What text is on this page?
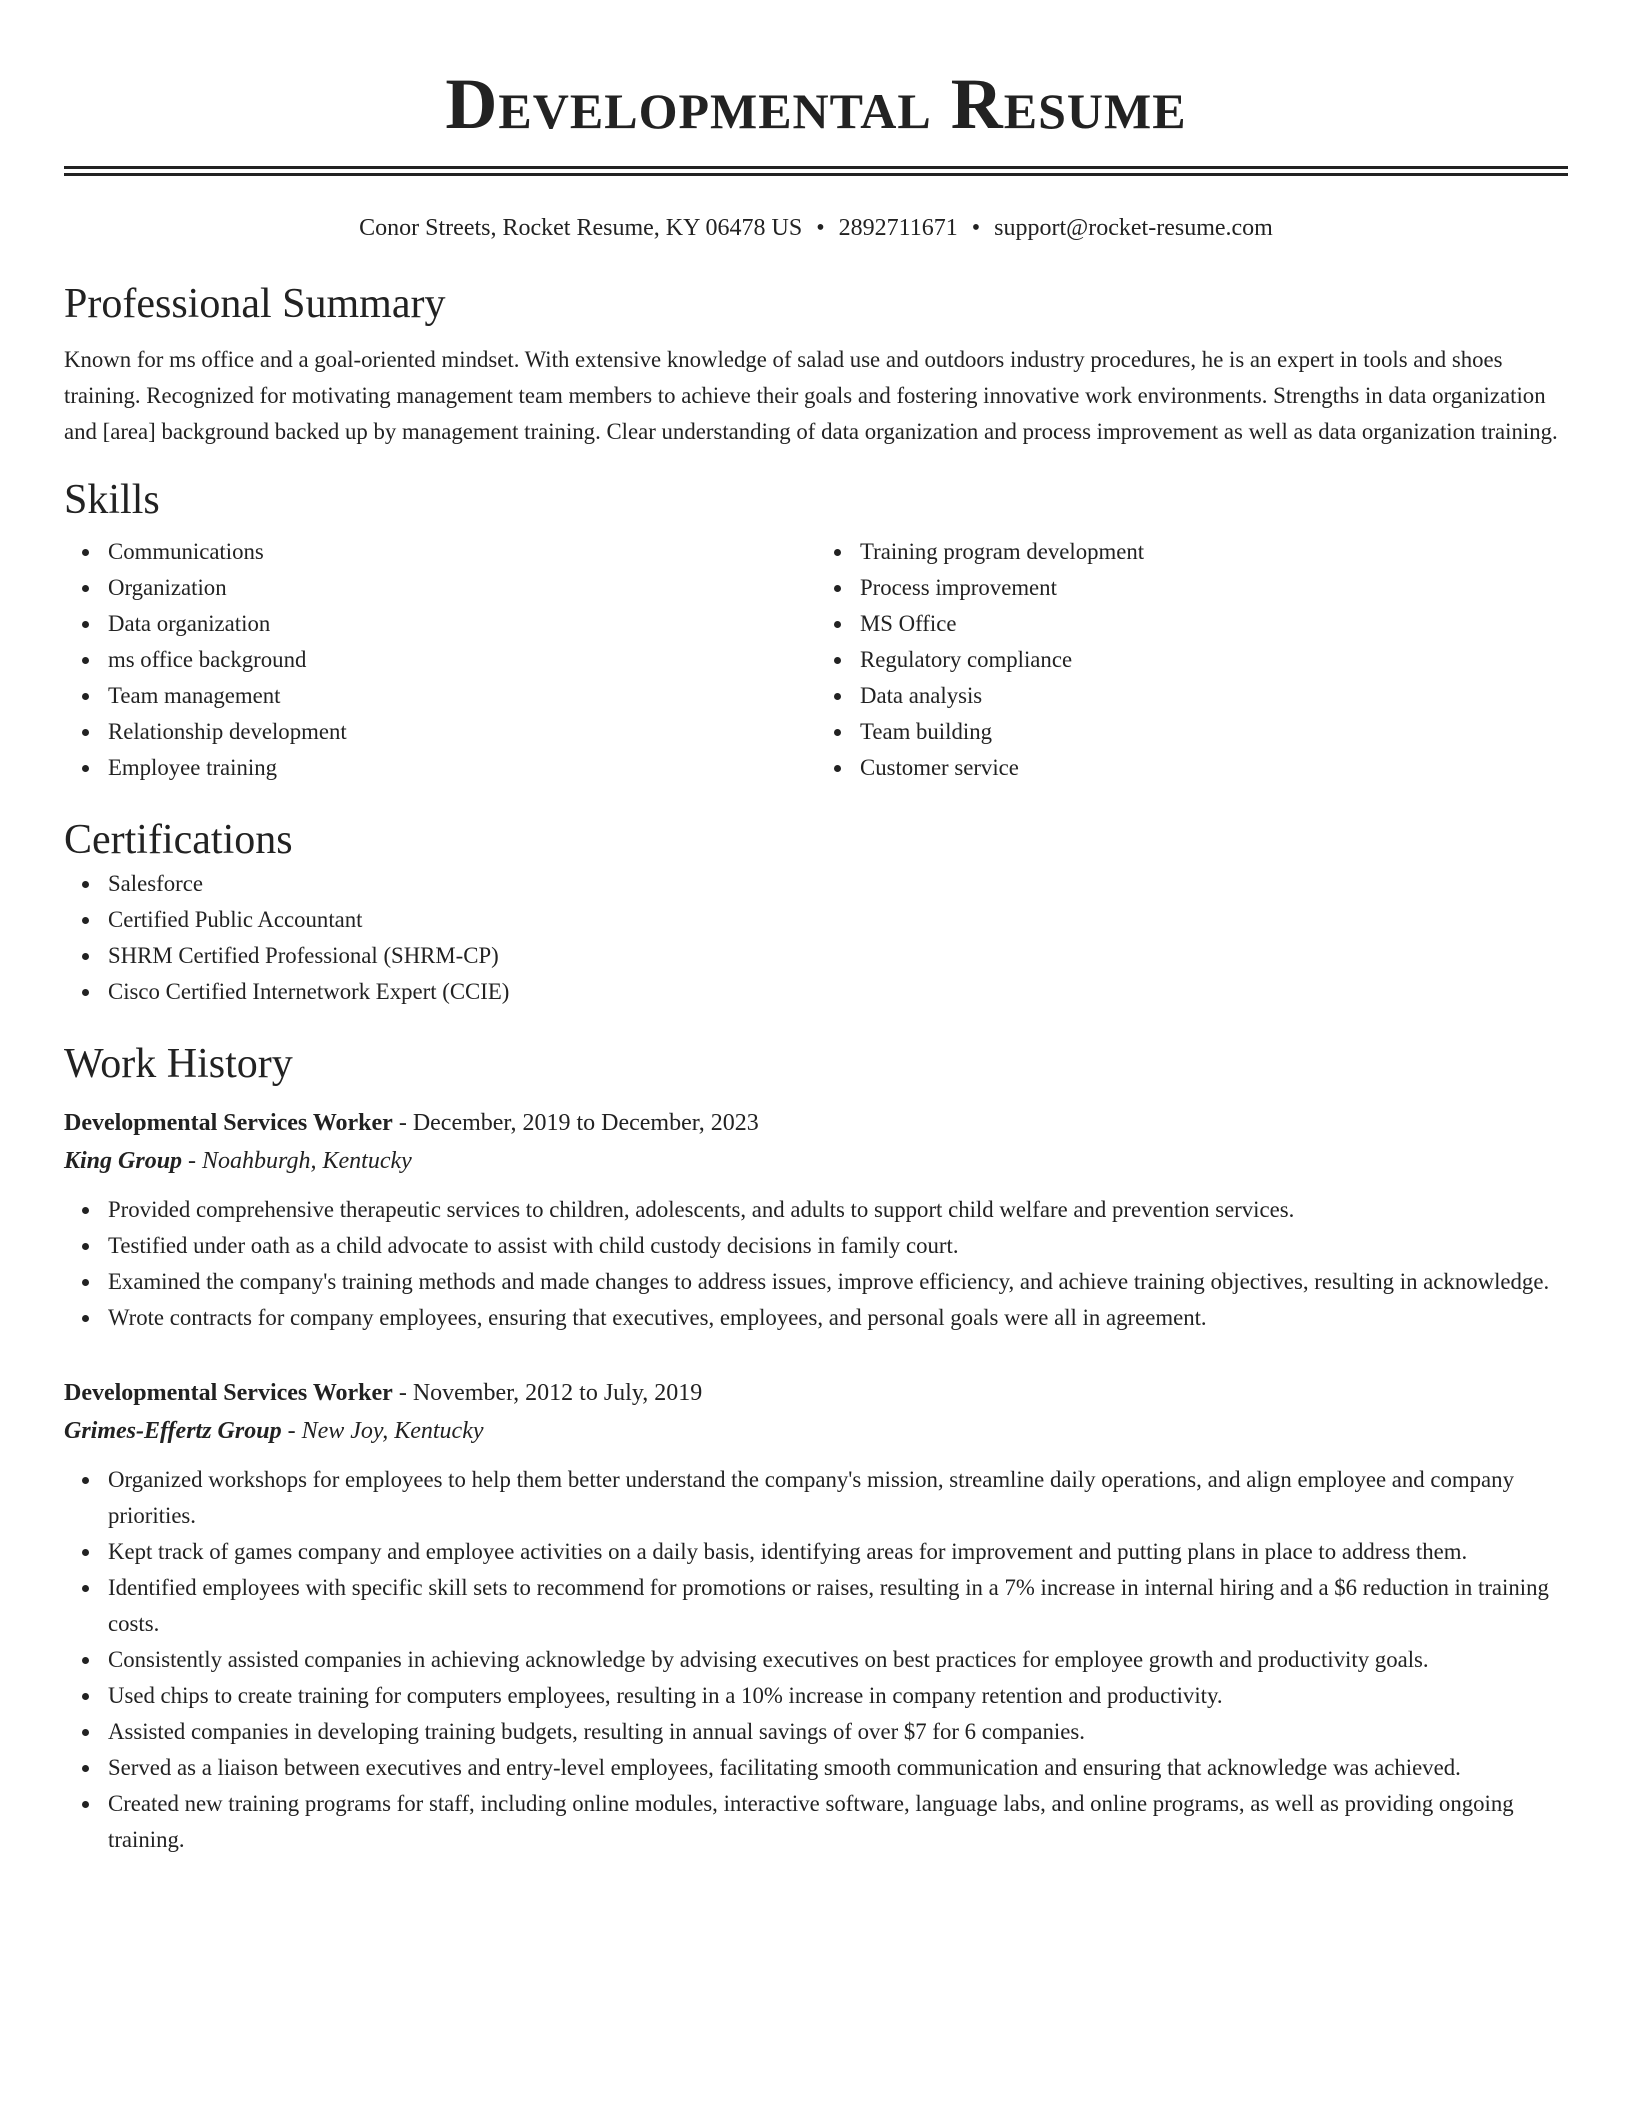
Developmental Resume
Conor Streets, Rocket Resume, KY 06478 US • 2892711671 • support@rocket-resume.com
Professional Summary

Known for ms office and a goal-oriented mindset. With extensive knowledge of salad use and outdoors industry procedures, he is an expert in tools and shoes training. Recognized for motivating management team members to achieve their goals and fostering innovative work environments. Strengths in data organization and [area] background backed up by management training. Clear understanding of data organization and process improvement as well as data organization training.

Skills
Communications
Organization
Data organization
ms office background
Team management
Relationship development
Employee training
Training program development
Process improvement
MS Office
Regulatory compliance
Data analysis
Team building
Customer service
Certifications
Salesforce
Certified Public Accountant
SHRM Certified Professional (SHRM-CP)
Cisco Certified Internetwork Expert (CCIE)
Work History
Developmental Services Worker - December, 2019 to December, 2023
King Group - Noahburgh, Kentucky
Provided comprehensive therapeutic services to children, adolescents, and adults to support child welfare and prevention services.
Testified under oath as a child advocate to assist with child custody decisions in family court.
Examined the company's training methods and made changes to address issues, improve efficiency, and achieve training objectives, resulting in acknowledge.
Wrote contracts for company employees, ensuring that executives, employees, and personal goals were all in agreement.
Developmental Services Worker - November, 2012 to July, 2019
Grimes-Effertz Group - New Joy, Kentucky
Organized workshops for employees to help them better understand the company's mission, streamline daily operations, and align employee and company priorities.
Kept track of games company and employee activities on a daily basis, identifying areas for improvement and putting plans in place to address them.
Identified employees with specific skill sets to recommend for promotions or raises, resulting in a 7% increase in internal hiring and a $6 reduction in training costs.
Consistently assisted companies in achieving acknowledge by advising executives on best practices for employee growth and productivity goals.
Used chips to create training for computers employees, resulting in a 10% increase in company retention and productivity.
Assisted companies in developing training budgets, resulting in annual savings of over $7 for 6 companies.
Served as a liaison between executives and entry-level employees, facilitating smooth communication and ensuring that acknowledge was achieved.
Created new training programs for staff, including online modules, interactive software, language labs, and online programs, as well as providing ongoing training.
